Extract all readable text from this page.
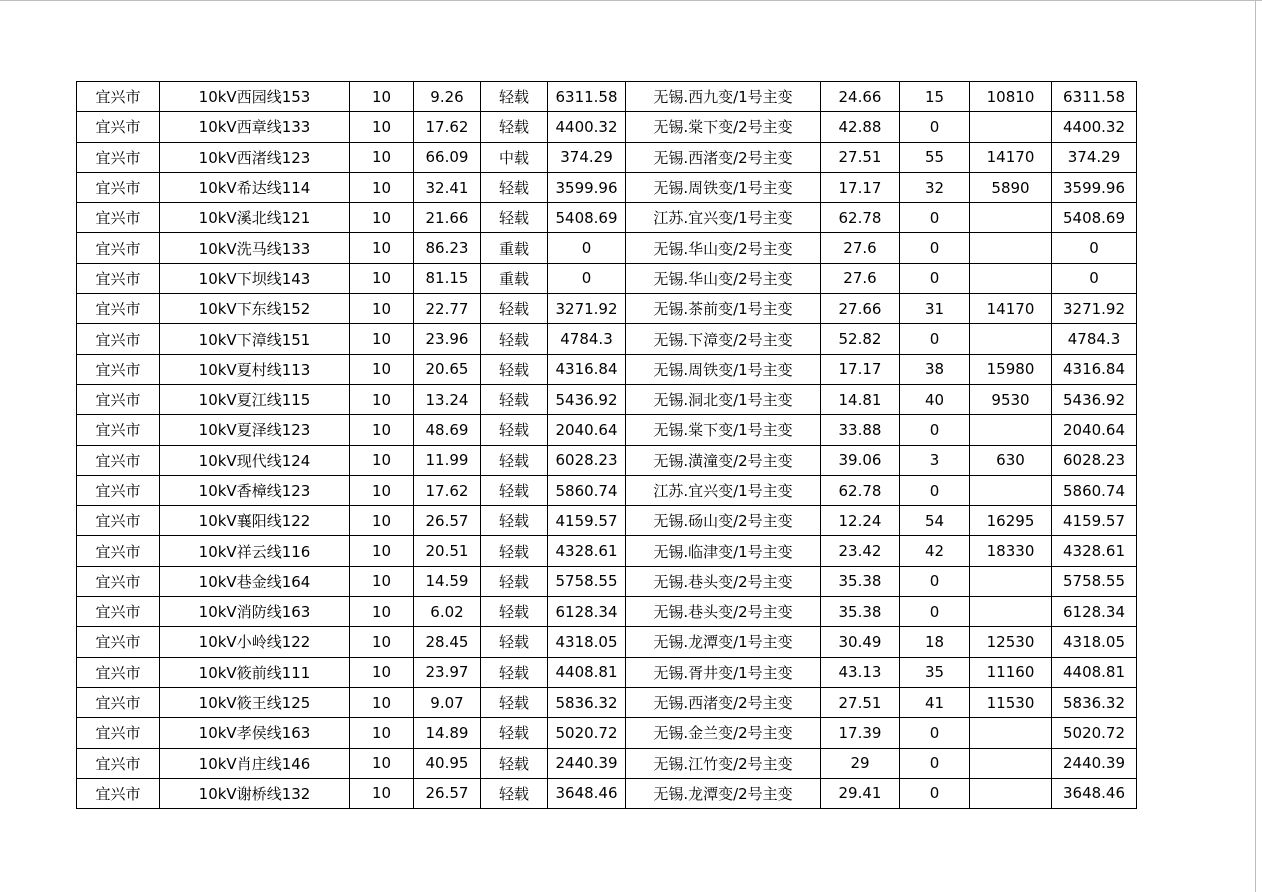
宜兴市	10kV西园线153	10	9.26	轻载	6311.58	无锡.西九变/1号主变	24.66	15	10810	6311.58
宜兴市	10kV西章线133	10	17.62	轻载	4400.32	无锡.棠下变/2号主变	42.88	0		4400.32
宜兴市	10kV西渚线123	10	66.09	中载	374.29	无锡.西渚变/2号主变	27.51	55	14170	374.29
宜兴市	10kV希达线114	10	32.41	轻载	3599.96	无锡.周铁变/1号主变	17.17	32	5890	3599.96
宜兴市	10kV溪北线121	10	21.66	轻载	5408.69	江苏.宜兴变/1号主变	62.78	0		5408.69
宜兴市	10kV洗马线133	10	86.23	重载	0	无锡.华山变/2号主变	27.6	0		0
宜兴市	10kV下坝线143	10	81.15	重载	0	无锡.华山变/2号主变	27.6	0		0
宜兴市	10kV下东线152	10	22.77	轻载	3271.92	无锡.茶前变/1号主变	27.66	31	14170	3271.92
宜兴市	10kV下漳线151	10	23.96	轻载	4784.3	无锡.下漳变/2号主变	52.82	0		4784.3
宜兴市	10kV夏村线113	10	20.65	轻载	4316.84	无锡.周铁变/1号主变	17.17	38	15980	4316.84
宜兴市	10kV夏江线115	10	13.24	轻载	5436.92	无锡.洞北变/1号主变	14.81	40	9530	5436.92
宜兴市	10kV夏泽线123	10	48.69	轻载	2040.64	无锡.棠下变/1号主变	33.88	0		2040.64
宜兴市	10kV现代线124	10	11.99	轻载	6028.23	无锡.潢潼变/2号主变	39.06	3	630	6028.23
宜兴市	10kV香樟线123	10	17.62	轻载	5860.74	江苏.宜兴变/1号主变	62.78	0		5860.74
宜兴市	10kV襄阳线122	10	26.57	轻载	4159.57	无锡.砀山变/2号主变	12.24	54	16295	4159.57
宜兴市	10kV祥云线116	10	20.51	轻载	4328.61	无锡.临津变/1号主变	23.42	42	18330	4328.61
宜兴市	10kV巷金线164	10	14.59	轻载	5758.55	无锡.巷头变/2号主变	35.38	0		5758.55
宜兴市	10kV消防线163	10	6.02	轻载	6128.34	无锡.巷头变/2号主变	35.38	0		6128.34
宜兴市	10kV小岭线122	10	28.45	轻载	4318.05	无锡.龙潭变/1号主变	30.49	18	12530	4318.05
宜兴市	10kV筱前线111	10	23.97	轻载	4408.81	无锡.胥井变/1号主变	43.13	35	11160	4408.81
宜兴市	10kV筱王线125	10	9.07	轻载	5836.32	无锡.西渚变/2号主变	27.51	41	11530	5836.32
宜兴市	10kV孝侯线163	10	14.89	轻载	5020.72	无锡.金兰变/2号主变	17.39	0		5020.72
宜兴市	10kV肖庄线146	10	40.95	轻载	2440.39	无锡.江竹变/2号主变	29	0		2440.39
宜兴市	10kV谢桥线132	10	26.57	轻载	3648.46	无锡.龙潭变/2号主变	29.41	0		3648.46
